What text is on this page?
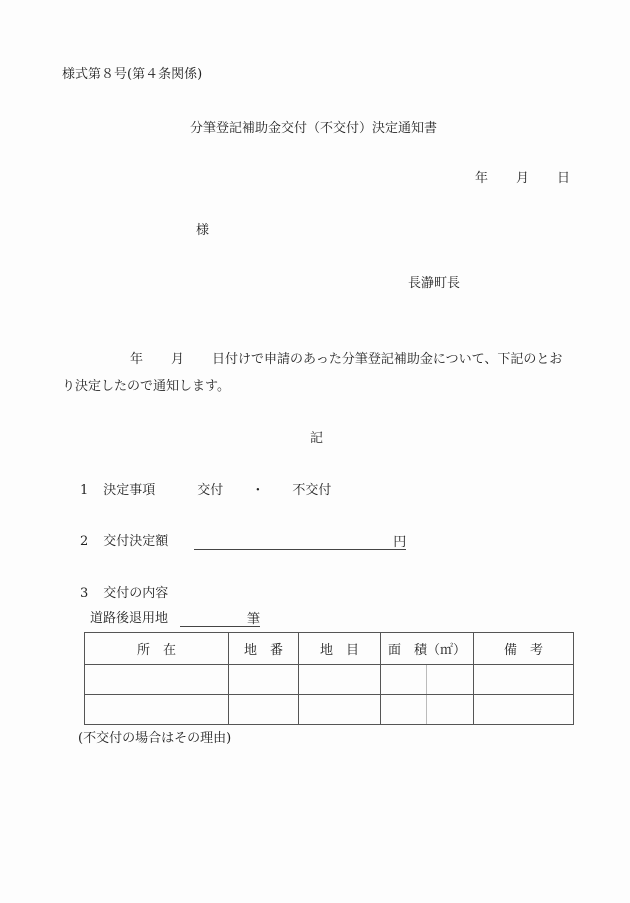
様式第８号(第４条関係)
分筆登記補助金交付（不交付）決定通知書
年 月 日
様
長瀞町長
年 月 日付けで申請のあった分筆登記補助金について、下記のとお
り決定したので通知します。
記
1 決定事項	交付 ・ 不交付
2 交付決定額	円
3 交付の内容
道路後退用地	筆
所　在	地　番	地　目	面　積（㎡）		備　考

(不交付の場合はその理由)
